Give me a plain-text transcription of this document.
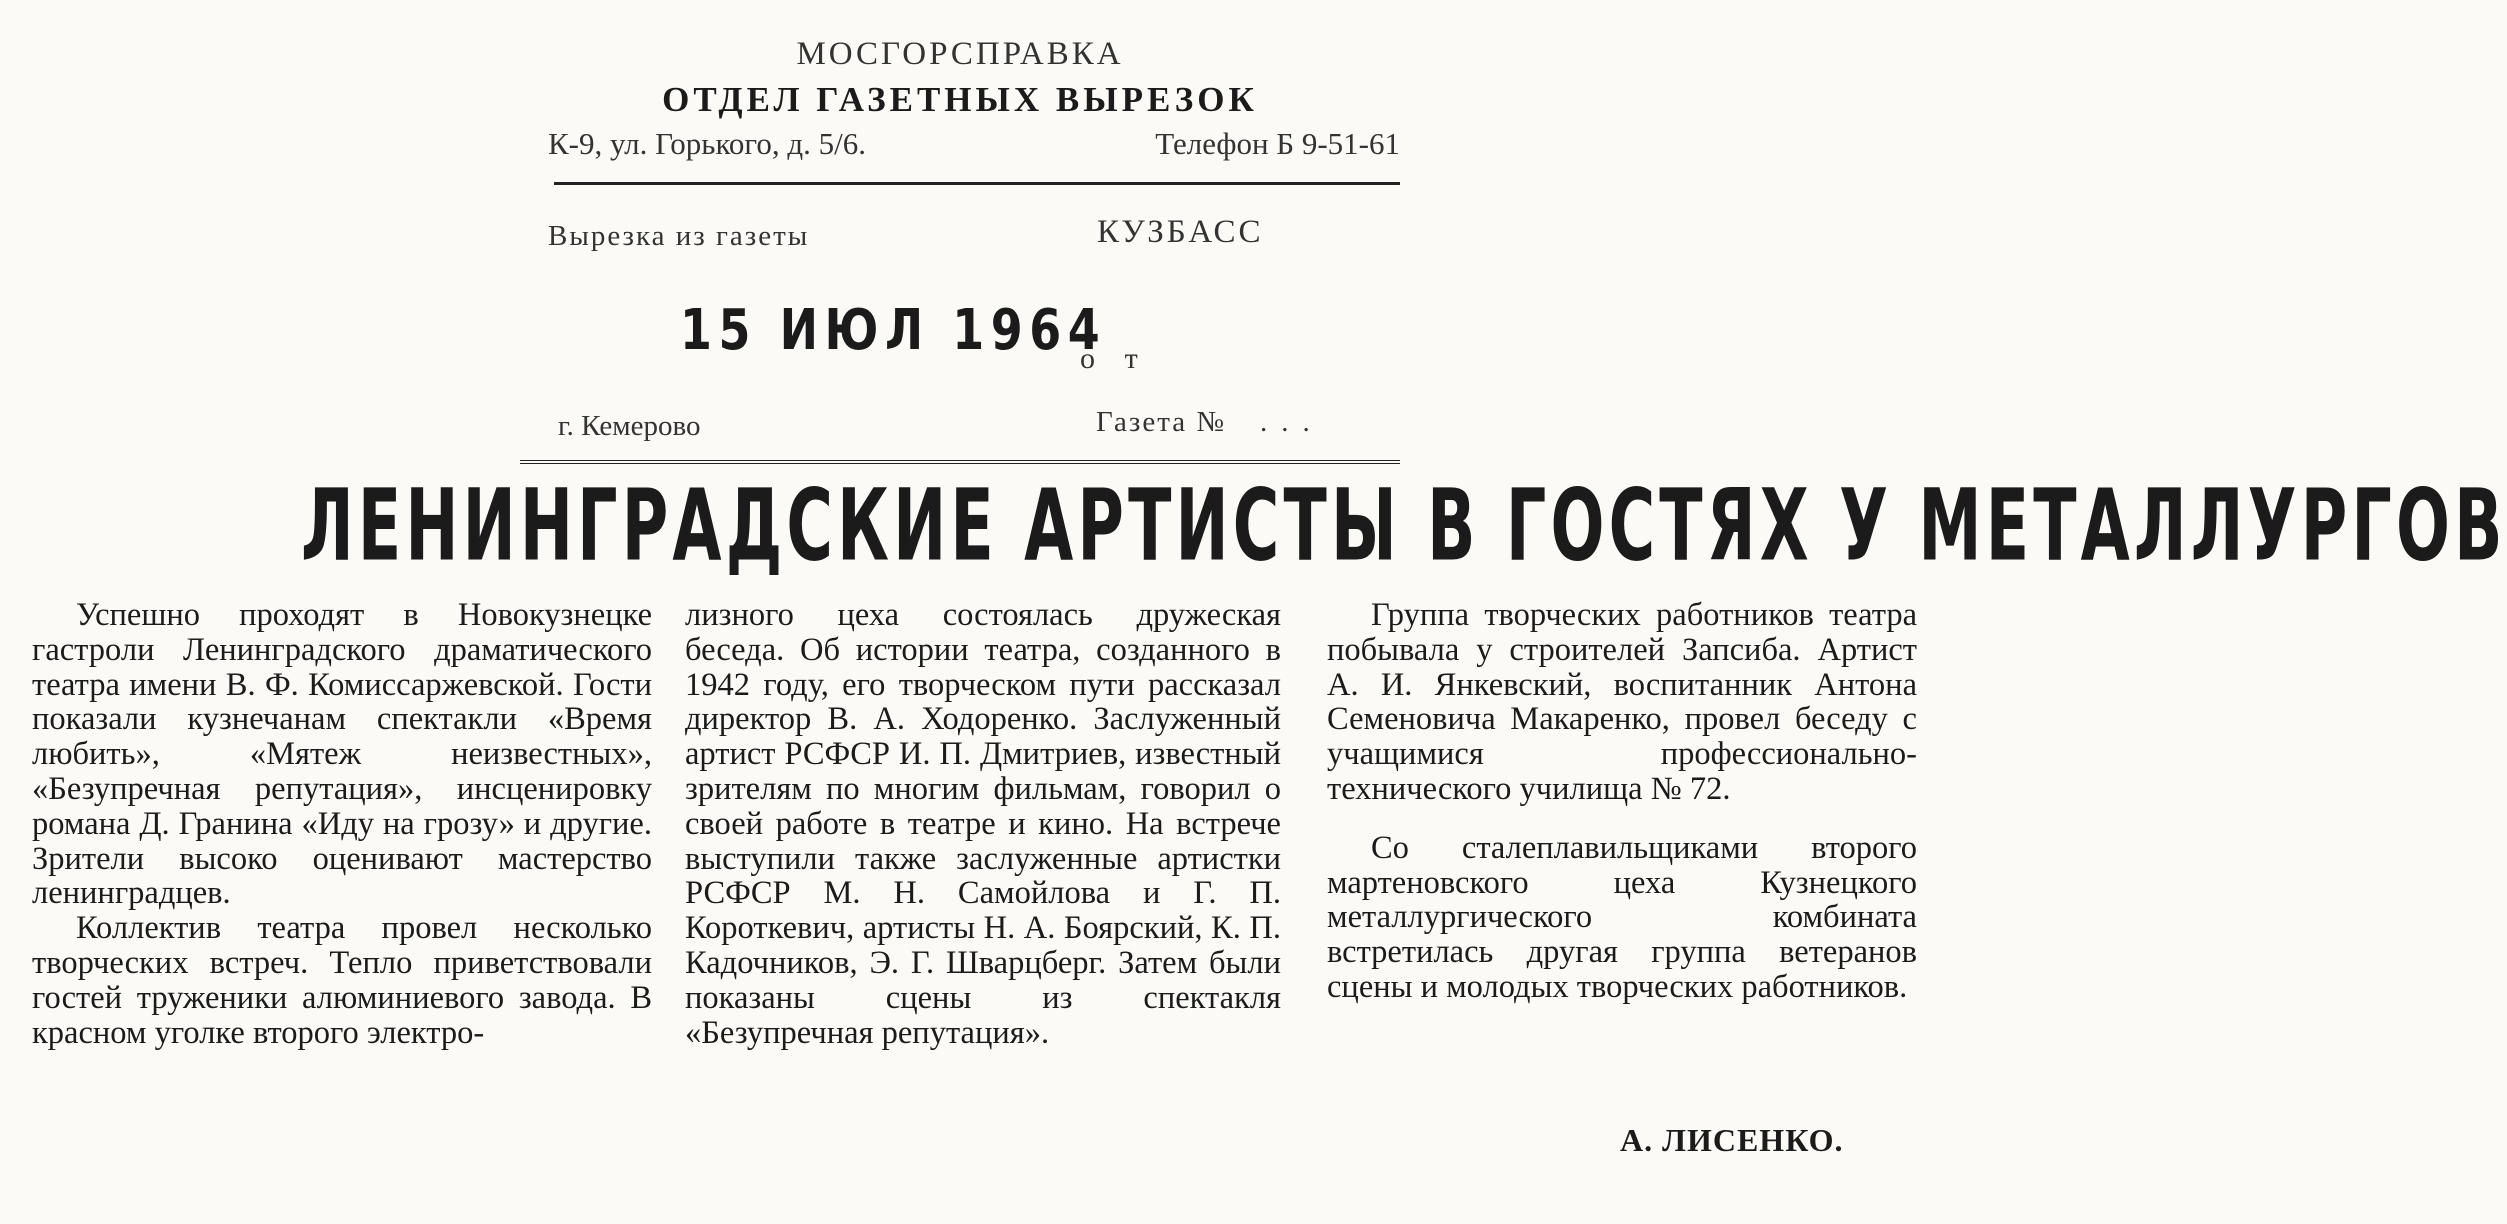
МОСГОРСПРАВКА
ОТДЕЛ ГАЗЕТНЫХ ВЫРЕЗОК
К-9, ул. Горького, д. 5/6.	Телефон Б 9-51-61
Вырезка из газеты	КУЗБАСС
15 ИЮЛ 1964
от
г. Кемерово	Газета № ...
ЛЕНИНГРАДСКИЕ АРТИСТЫ В ГОСТЯХ У МЕТАЛЛУРГОВ

Успешно проходят в Новокузнецке гастроли Ленинградского драматического театра имени В. Ф. Комиссаржевской. Гости показали кузнечанам спектакли «Время любить», «Мятеж неизвестных», «Безупречная репутация», инсценировку романа Д. Гранина «Иду на грозу» и другие. Зрители высоко оценивают мастерство ленинградцев.

Коллектив театра провел несколько творческих встреч. Тепло приветствовали гостей труженики алюминиевого завода. В красном уголке второго электро-

лизного цеха состоялась дружеская беседа. Об истории театра, созданного в 1942 году, его творческом пути рассказал директор В. А. Ходоренко. Заслуженный артист РСФСР И. П. Дмитриев, известный зрителям по многим фильмам, говорил о своей работе в театре и кино. На встрече выступили также заслуженные артистки РСФСР М. Н. Самойлова и Г. П. Короткевич, артисты Н. А. Боярский, К. П. Кадочников, Э. Г. Шварцберг. Затем были показаны сцены из спектакля «Безупречная репутация».

Группа творческих работников театра побывала у строителей Запсиба. Артист А. И. Янкевский, воспитанник Антона Семеновича Макаренко, провел беседу с учащимися профессионально-технического училища № 72.

Со сталеплавильщиками второго мартеновского цеха Кузнецкого металлургического комбината встретилась другая группа ветеранов сцены и молодых творческих работников.

А. ЛИСЕНКО.
